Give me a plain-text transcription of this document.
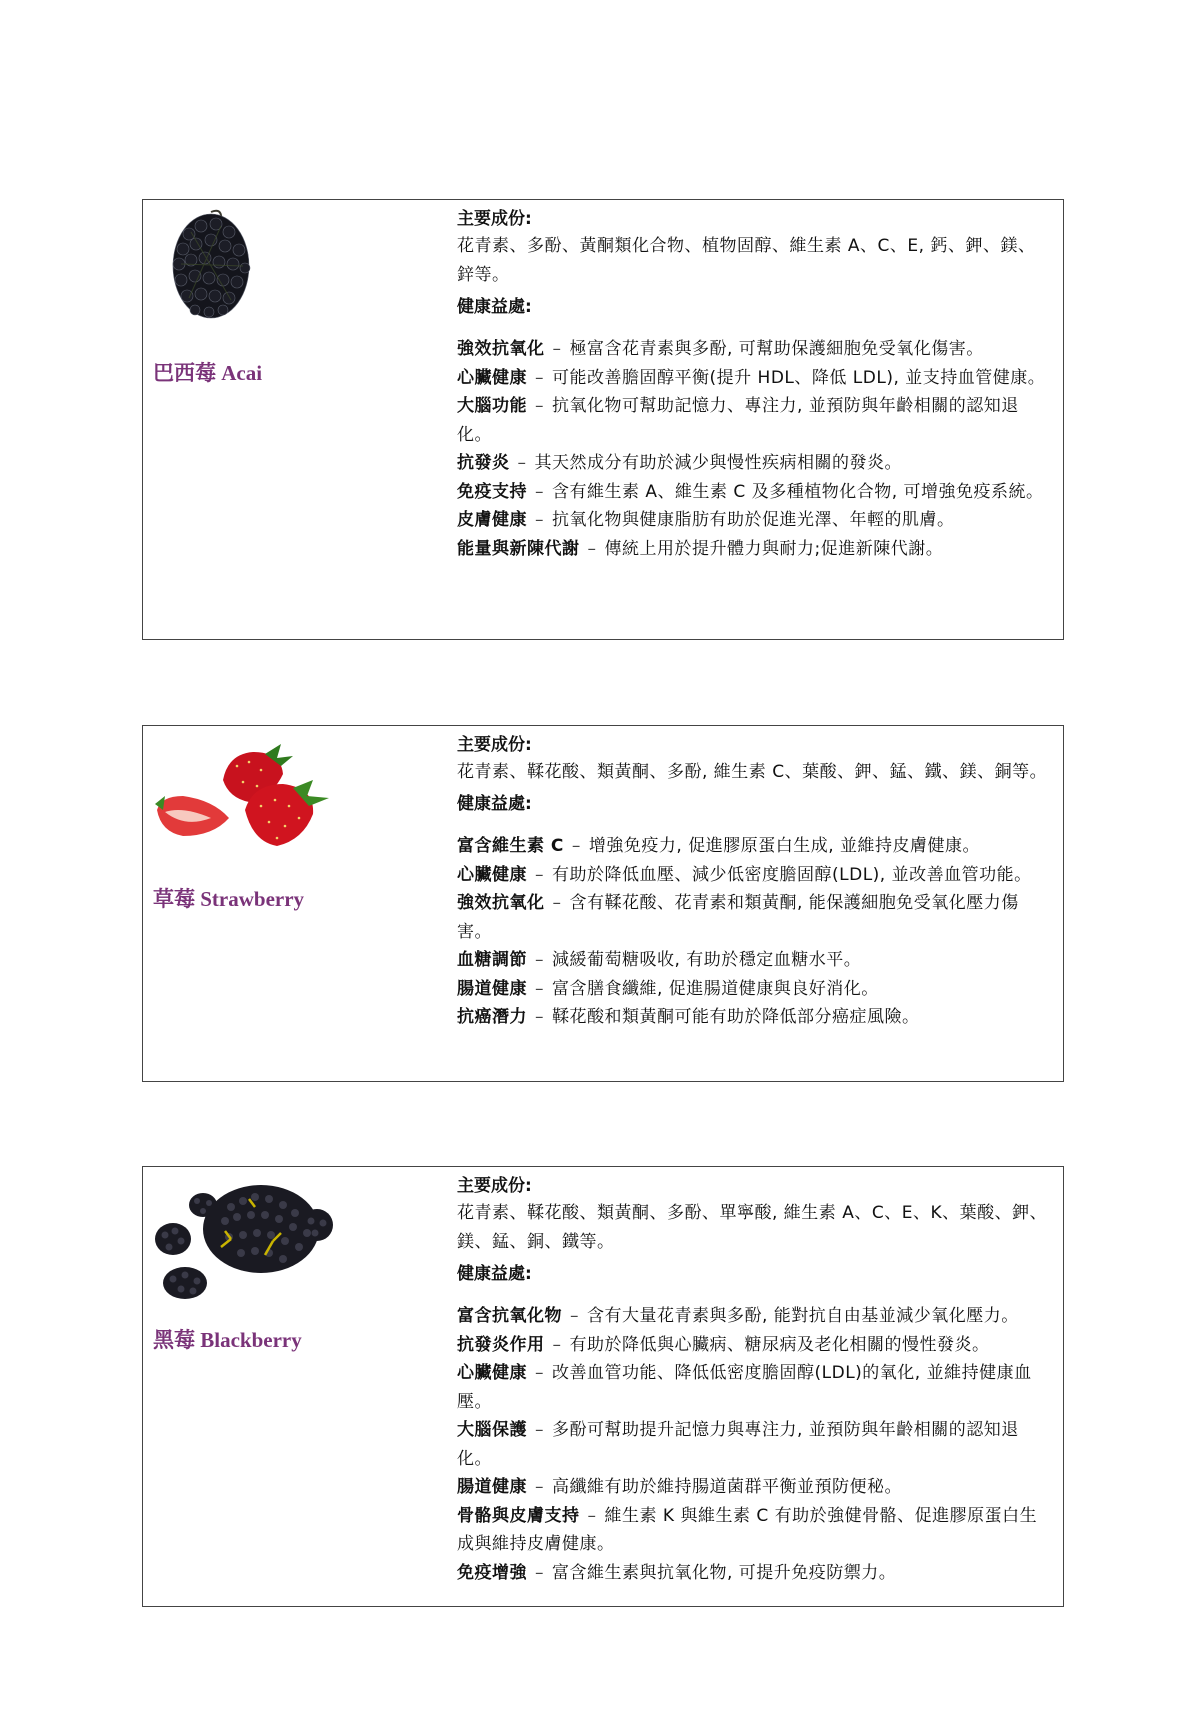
巴西莓 Acai

主要成份:

花青素、多酚、黃酮類化合物、植物固醇、維生素 A、C、E, 鈣、鉀、鎂、鋅等。

健康益處:

強效抗氧化 – 極富含花青素與多酚, 可幫助保護細胞免受氧化傷害。

心臟健康 – 可能改善膽固醇平衡(提升 HDL、降低 LDL), 並支持血管健康。

大腦功能 – 抗氧化物可幫助記憶力、專注力, 並預防與年齡相關的認知退化。

抗發炎 – 其天然成分有助於減少與慢性疾病相關的發炎。

免疫支持 – 含有維生素 A、維生素 C 及多種植物化合物, 可增強免疫系統。

皮膚健康 – 抗氧化物與健康脂肪有助於促進光澤、年輕的肌膚。

能量與新陳代謝 – 傳統上用於提升體力與耐力;促進新陳代謝。

草莓 Strawberry

主要成份:

花青素、鞣花酸、類黃酮、多酚, 維生素 C、葉酸、鉀、錳、鐵、鎂、銅等。

健康益處:

富含維生素 C – 增強免疫力, 促進膠原蛋白生成, 並維持皮膚健康。

心臟健康 – 有助於降低血壓、減少低密度膽固醇(LDL), 並改善血管功能。

強效抗氧化 – 含有鞣花酸、花青素和類黃酮, 能保護細胞免受氧化壓力傷害。

血糖調節 – 減緩葡萄糖吸收, 有助於穩定血糖水平。

腸道健康 – 富含膳食纖維, 促進腸道健康與良好消化。

抗癌潛力 – 鞣花酸和類黃酮可能有助於降低部分癌症風險。

黑莓 Blackberry

主要成份:

花青素、鞣花酸、類黃酮、多酚、單寧酸, 維生素 A、C、E、K、葉酸、鉀、鎂、錳、銅、鐵等。

健康益處:

富含抗氧化物 – 含有大量花青素與多酚, 能對抗自由基並減少氧化壓力。

抗發炎作用 – 有助於降低與心臟病、糖尿病及老化相關的慢性發炎。

心臟健康 – 改善血管功能、降低低密度膽固醇(LDL)的氧化, 並維持健康血壓。

大腦保護 – 多酚可幫助提升記憶力與專注力, 並預防與年齡相關的認知退化。

腸道健康 – 高纖維有助於維持腸道菌群平衡並預防便秘。

骨骼與皮膚支持 – 維生素 K 與維生素 C 有助於強健骨骼、促進膠原蛋白生成與維持皮膚健康。

免疫增強 – 富含維生素與抗氧化物, 可提升免疫防禦力。
